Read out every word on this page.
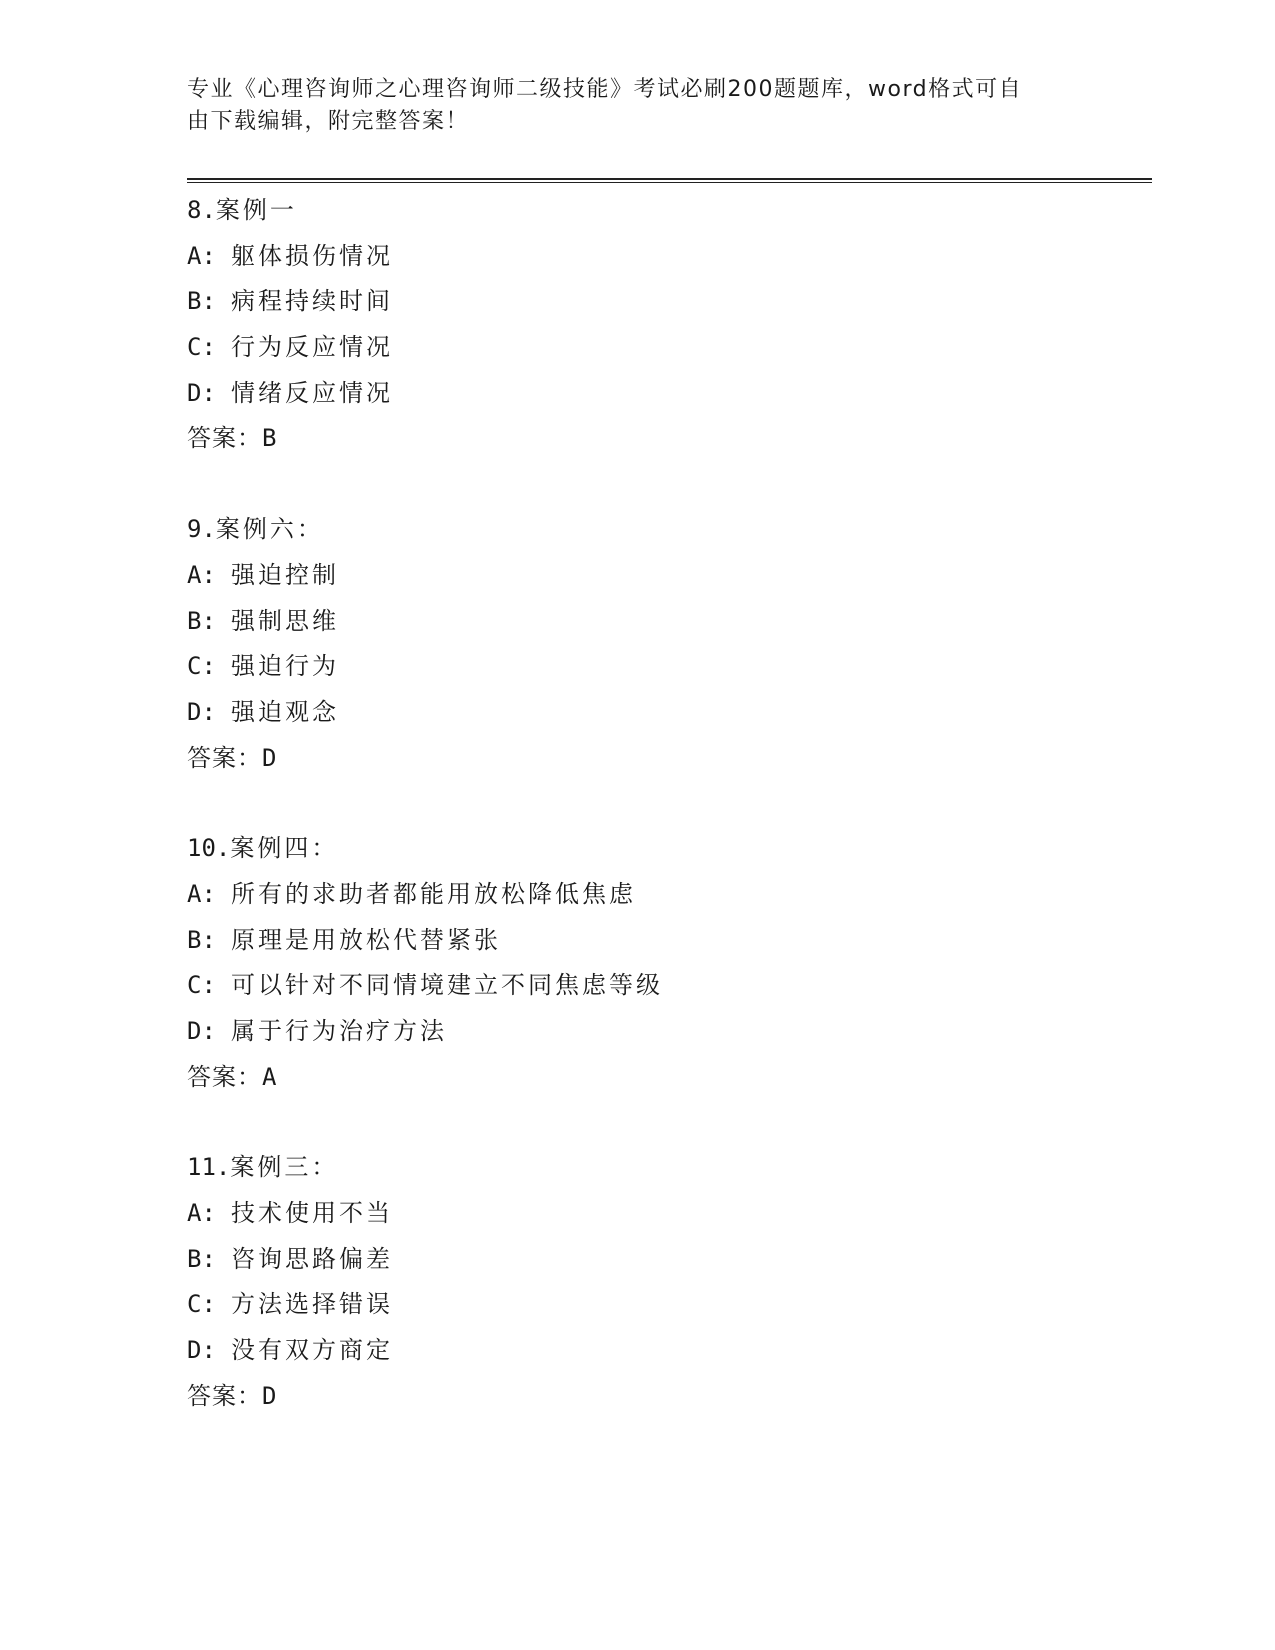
专业《心理咨询师之心理咨询师二级技能》考试必刷200题题库，word格式可自
由下载编辑，附完整答案！
8.案例一
A: 躯体损伤情况
B: 病程持续时间
C: 行为反应情况
D: 情绪反应情况
答案：B
9.案例六：
A: 强迫控制
B: 强制思维
C: 强迫行为
D: 强迫观念
答案：D
10.案例四：
A: 所有的求助者都能用放松降低焦虑
B: 原理是用放松代替紧张
C: 可以针对不同情境建立不同焦虑等级
D: 属于行为治疗方法
答案：A
11.案例三：
A: 技术使用不当
B: 咨询思路偏差
C: 方法选择错误
D: 没有双方商定
答案：D
